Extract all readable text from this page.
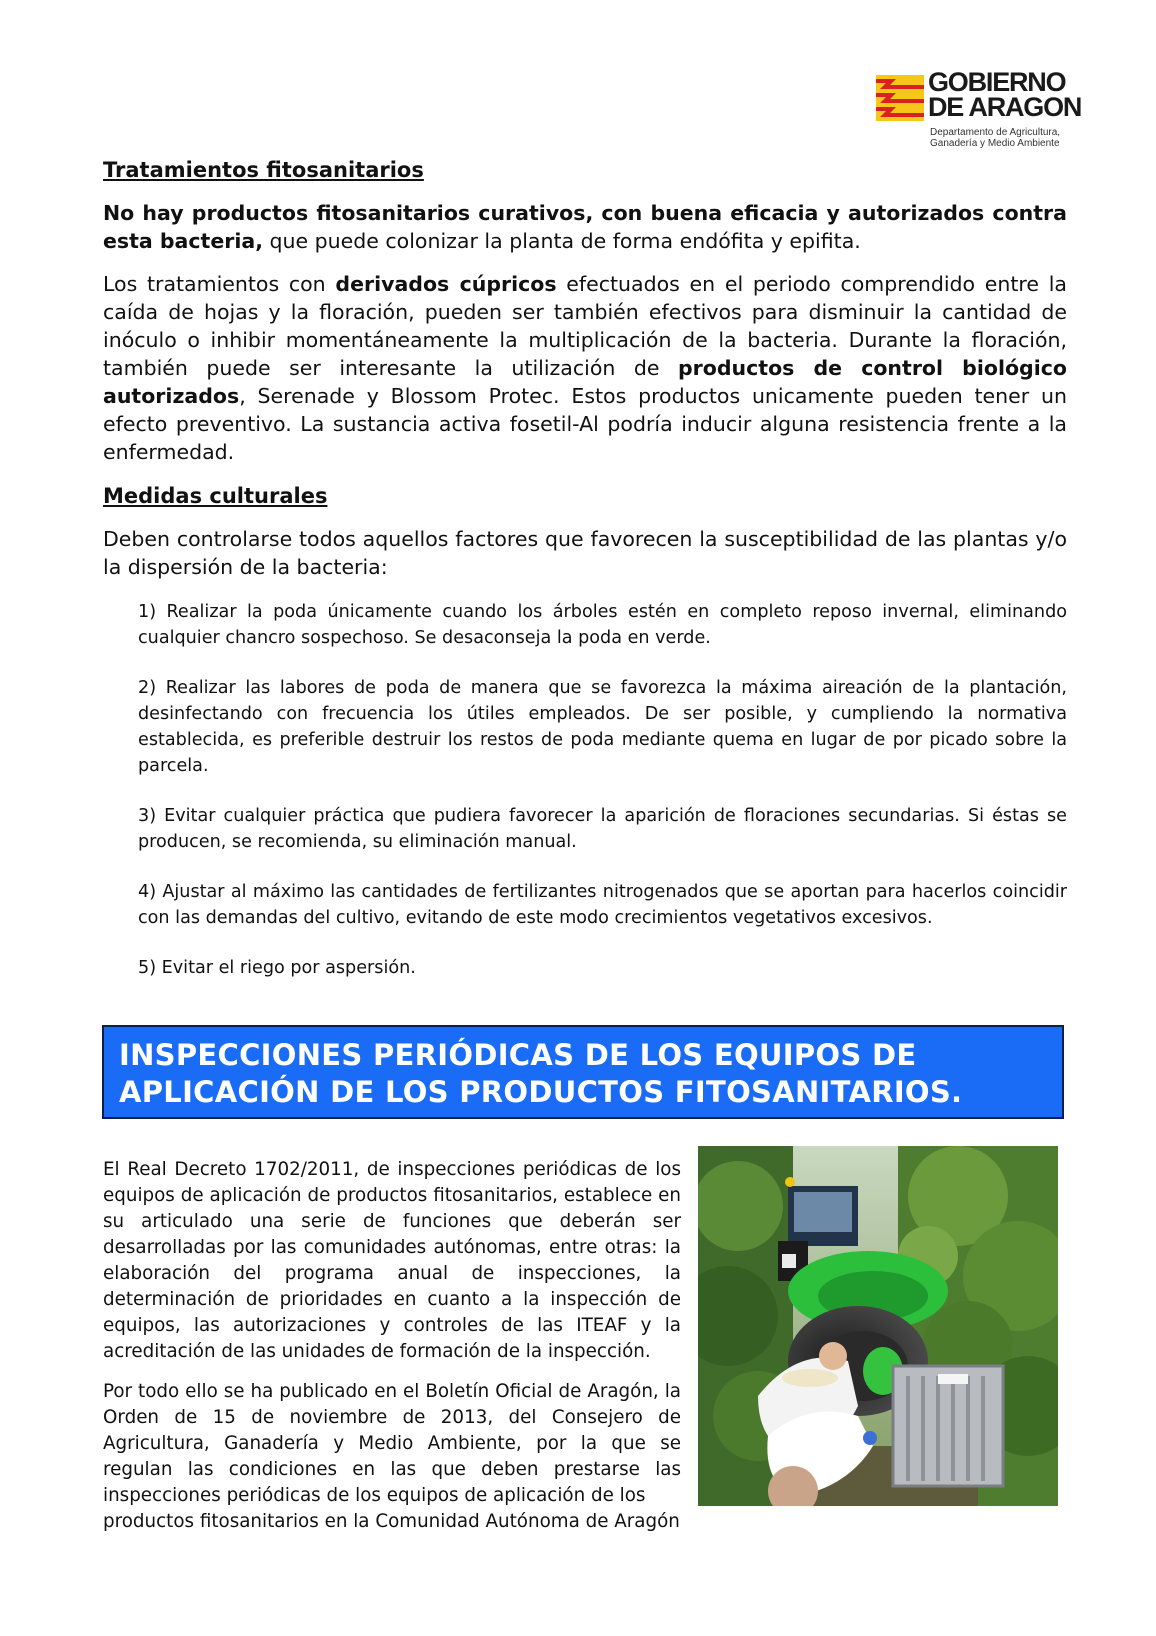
GOBIERNO
DE ARAGON
Departamento de Agricultura,
Ganadería y Medio Ambiente
Tratamientos fitosanitarios

No hay productos fitosanitarios curativos, con buena eficacia y autorizados contra esta bacteria, que puede colonizar la planta de forma endófita y epifita.

Los tratamientos con derivados cúpricos efectuados en el periodo comprendido entre la caída de hojas y la floración, pueden ser también efectivos para disminuir la cantidad de inóculo o inhibir momentáneamente la multiplicación de la bacteria. Durante la floración, también puede ser interesante la utilización de productos de control biológico autorizados, Serenade y Blossom Protec. Estos productos unicamente pueden tener un efecto preventivo. La sustancia activa fosetil-Al podría inducir alguna resistencia frente a la enfermedad.

Medidas culturales

Deben controlarse todos aquellos factores que favorecen la susceptibilidad de las plantas y/o la dispersión de la bacteria:

1) Realizar la poda únicamente cuando los árboles estén en completo reposo invernal, eliminando cualquier chancro sospechoso. Se desaconseja la poda en verde.

2) Realizar las labores de poda de manera que se favorezca la máxima aireación de la plantación, desinfectando con frecuencia los útiles empleados. De ser posible, y cumpliendo la normativa establecida, es preferible destruir los restos de poda mediante quema en lugar de por picado sobre la parcela.

3) Evitar cualquier práctica que pudiera favorecer la aparición de floraciones secundarias. Si éstas se producen, se recomienda, su eliminación manual.

4) Ajustar al máximo las cantidades de fertilizantes nitrogenados que se aportan para hacerlos coincidir con las demandas del cultivo, evitando de este modo crecimientos vegetativos excesivos.

5) Evitar el riego por aspersión.

INSPECCIONES PERIÓDICAS DE LOS EQUIPOS DE
APLICACIÓN DE LOS PRODUCTOS FITOSANITARIOS.

El Real Decreto 1702/2011, de inspecciones periódicas de los equipos de aplicación de productos fitosanitarios, establece en su articulado una serie de funciones que deberán ser desarrolladas por las comunidades autónomas, entre otras: la elaboración del programa anual de inspecciones, la determinación de prioridades en cuanto a la inspección de equipos, las autorizaciones y controles de las ITEAF y la acreditación de las unidades de formación de la inspección.

Por todo ello se ha publicado en el Boletín Oficial de Aragón, la Orden de 15 de noviembre de 2013, del Consejero de Agricultura, Ganadería y Medio Ambiente, por la que se regulan las condiciones en las que deben prestarse las inspecciones periódicas de los equipos de aplicación de los

productos fitosanitarios en la Comunidad Autónoma de Aragón
